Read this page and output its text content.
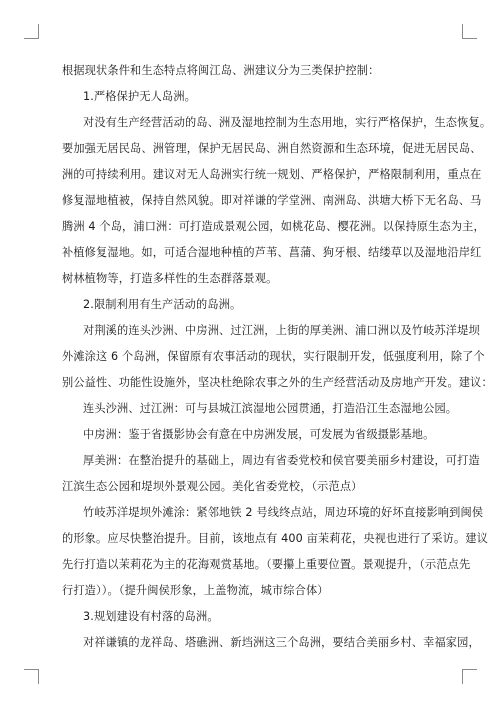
根据现状条件和生态特点将闽江岛、洲建议分为三类保护控制：
1.严格保护无人岛洲。
对没有生产经营活动的岛、洲及湿地控制为生态用地，实行严格保护，生态恢复。
要加强无居民岛、洲管理，保护无居民岛、洲自然资源和生态环境，促进无居民岛、
洲的可持续利用。建议对无人岛洲实行统一规划、严格保护，严格限制利用，重点在
修复湿地植被，保持自然风貌。即对祥谦的学堂洲、南洲岛、洪塘大桥下无名岛、马
腾洲 4 个岛，浦口洲：可打造成景观公园，如桃花岛、樱花洲。以保持原生态为主，
补植修复湿地。如，可适合湿地种植的芦苇、菖蒲、狗牙根、结缕草以及湿地沿岸红
树林植物等，打造多样性的生态群落景观。
2.限制利用有生产活动的岛洲。
对荆溪的连头沙洲、中房洲、过江洲，上街的厚美洲、浦口洲以及竹岐苏洋堤坝
外滩涂这 6 个岛洲，保留原有农事活动的现状，实行限制开发，低强度利用，除了个
别公益性、功能性设施外，坚决杜绝除农事之外的生产经营活动及房地产开发。建议：
连头沙洲、过江洲：可与县城江滨湿地公园贯通，打造沿江生态湿地公园。
中房洲：鉴于省摄影协会有意在中房洲发展，可发展为省级摄影基地。
厚美洲：在整治提升的基础上，周边有省委党校和侯官要美丽乡村建设，可打造
江滨生态公园和堤坝外景观公园。美化省委党校，（示范点）
竹岐苏洋堤坝外滩涂：紧邻地铁 2 号线终点站，周边环境的好坏直接影响到闽侯
的形象。应尽快整治提升。目前，该地点有 400 亩茉莉花，央视也进行了采访。建议
先行打造以茉莉花为主的花海观赏基地。（要攥上重要位置。景观提升，（示范点先
行打造））。（提升闽侯形象，上盖物流，城市综合体）
3.规划建设有村落的岛洲。
对祥谦镇的龙祥岛、塔礁洲、新垱洲这三个岛洲，要结合美丽乡村、幸福家园，
